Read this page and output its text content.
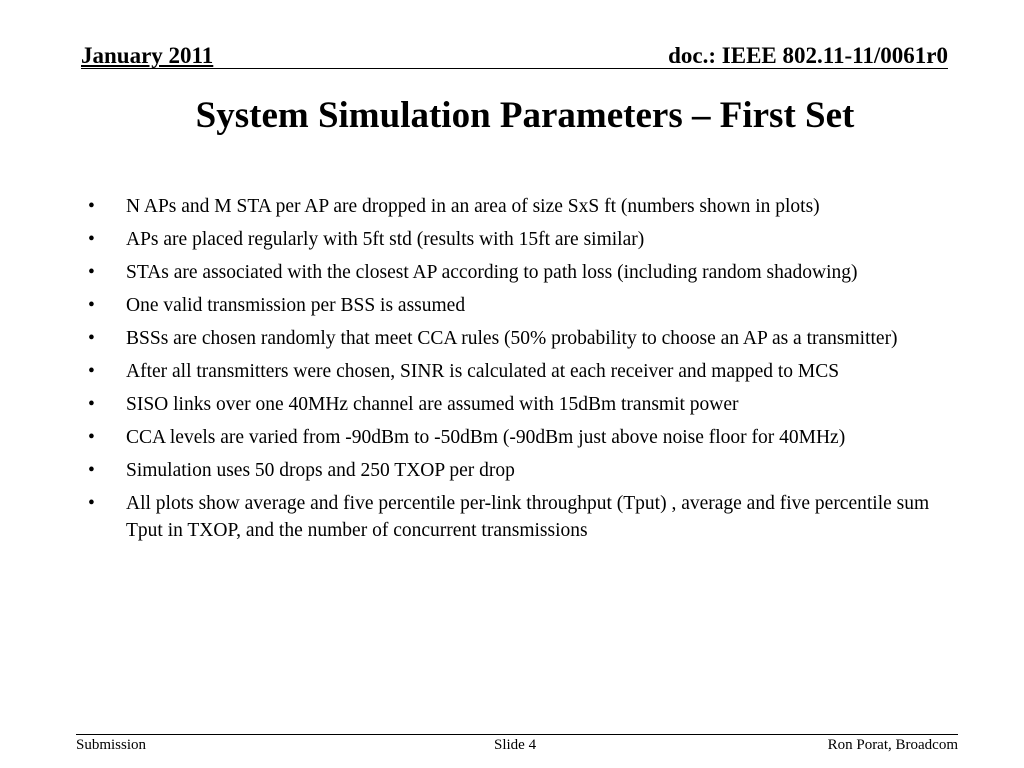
January 2011	doc.: IEEE 802.11-11/0061r0
System Simulation Parameters – First Set
• N APs and M STA per AP are dropped in an area of size SxS ft (numbers shown in plots)
• APs are placed regularly with 5ft std (results with 15ft are similar)
• STAs are associated with the closest AP according to path loss (including random shadowing)
• One valid transmission per BSS is assumed
• BSSs are chosen randomly that meet CCA rules (50% probability to choose an AP as a transmitter)
• After all transmitters were chosen, SINR is calculated at each receiver and mapped to MCS
• SISO links over one 40MHz channel are assumed with 15dBm transmit power
• CCA levels are varied from -90dBm to -50dBm (-90dBm just above noise floor for 40MHz)
• Simulation uses 50 drops and 250 TXOP per drop
• All plots show average and five percentile per-link throughput (Tput) , average and five percentile sum Tput in TXOP, and the number of concurrent transmissions
Submission	Slide 4	Ron Porat, Broadcom
